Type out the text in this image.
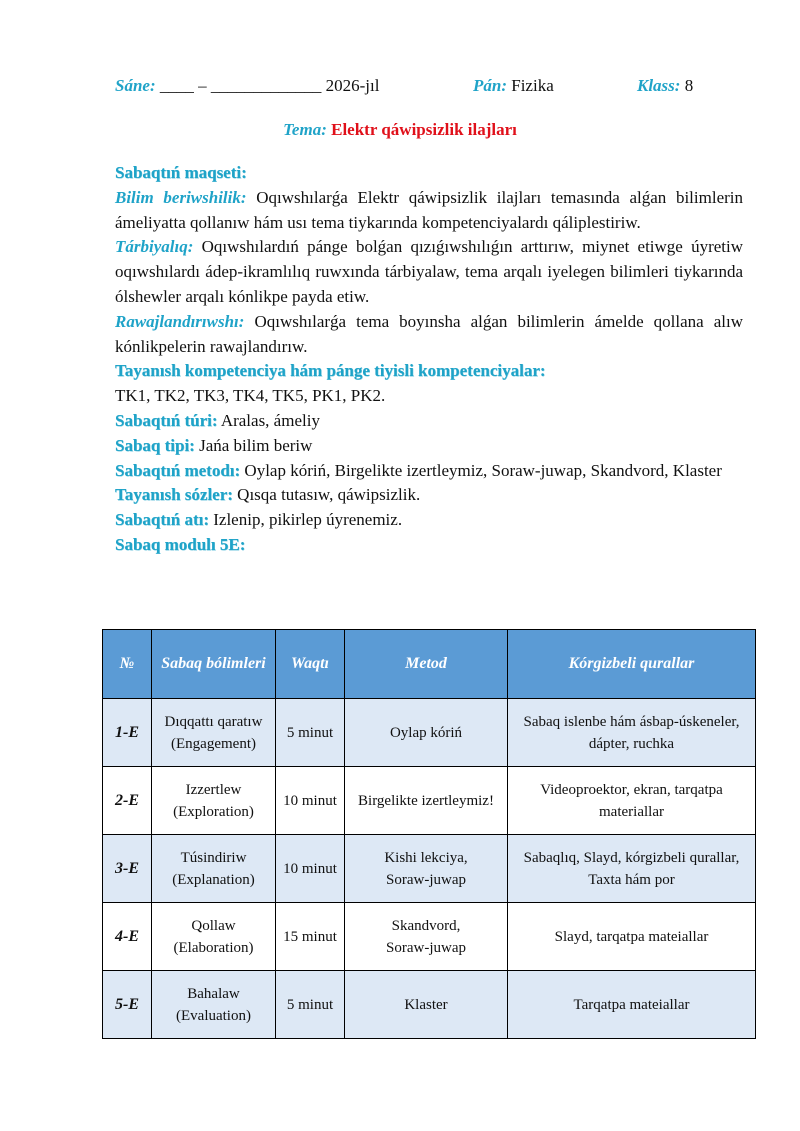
Sáne: ____ – _____________ 2026-jıl	Pán: Fizika	Klass: 8
Tema: Elektr qáwipsizlik ilajları

Sabaqtıń maqseti:

Bilim beriwshilik: Oqıwshılarǵa Elektr qáwipsizlik ilajları temasında alǵan bilimlerin ámeliyatta qollanıw hám usı tema tiykarında kompetenciyalardı qáliplestiriw.

Tárbiyalıq: Oqıwshılardıń pánge bolǵan qızıǵıwshılıǵın arttırıw, miynet etiwge úyretiw oqıwshılardı ádep-ikramlılıq ruwxında tárbiyalaw, tema arqalı iyelegen bilimleri tiykarında ólshewler arqalı kónlikpe payda etiw.

Rawajlandırıwshı: Oqıwshılarǵa tema boyınsha alǵan bilimlerin ámelde qollana alıw kónlikpelerin rawajlandırıw.

Tayanısh kompetenciya hám pánge tiyisli kompetenciyalar:

TK1, TK2, TK3, TK4, TK5, PK1, PK2.

Sabaqtıń túri: Aralas, ámeliy

Sabaq tipi: Jańa bilim beriw

Sabaqtıń metodı: Oylap kóriń, Birgelikte izertleymiz, Soraw-juwap, Skandvord, Klaster

Tayanısh sózler: Qısqa tutasıw, qáwipsizlik.

Sabaqtıń atı: Izlenip, pikirlep úyrenemiz.

Sabaq modulı 5E:

№	Sabaq bólimleri	Waqtı	Metod	Kórgizbeli qurallar
1-E	Dıqqattı qaratıw
(Engagement)	5 minut	Oylap kóriń	Sabaq islenbe hám ásbap-úskeneler,
dápter, ruchka
2-E	Izzertlew
(Exploration)	10 minut	Birgelikte izertleymiz!	Videoproektor, ekran, tarqatpa
materiallar
3-E	Túsindiriw
(Explanation)	10 minut	Kishi lekciya,
Soraw-juwap	Sabaqlıq, Slayd, kórgizbeli qurallar,
Taxta hám por
4-E	Qollaw
(Elaboration)	15 minut	Skandvord,
Soraw-juwap	Slayd, tarqatpa mateiallar
5-E	Bahalaw
(Evaluation)	5 minut	Klaster	Tarqatpa mateiallar
